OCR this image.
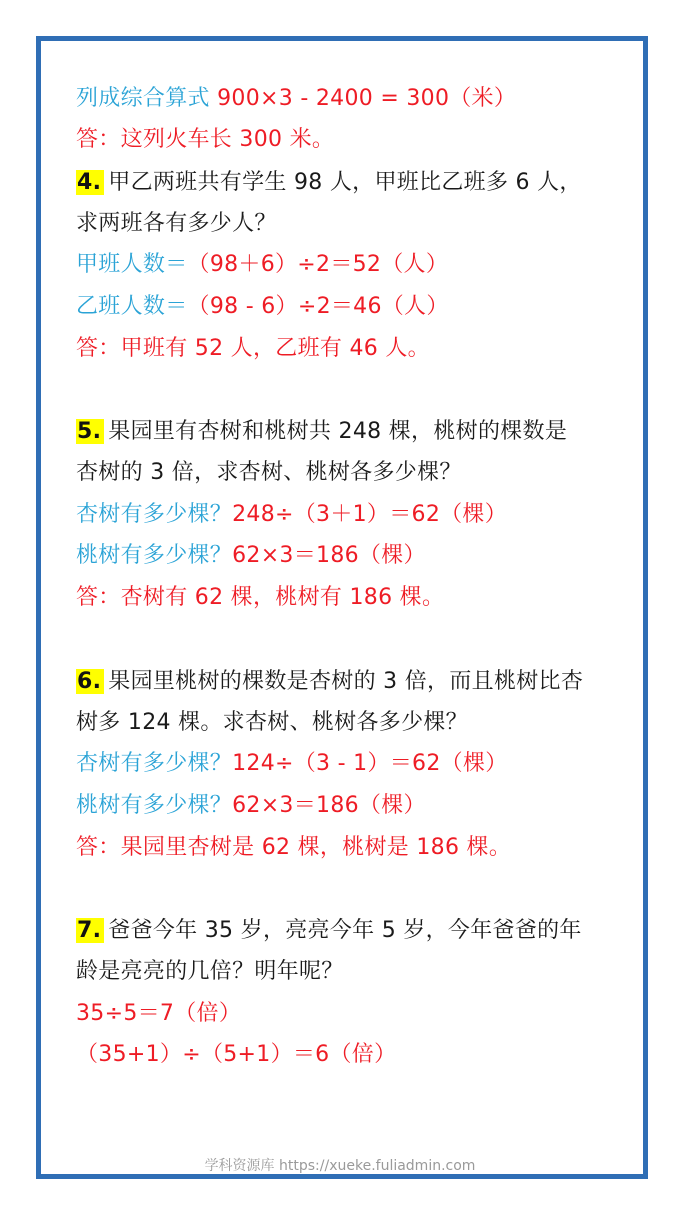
列成综合算式 900×3 - 2400 = 300（米）
答：这列火车长 300 米。
4. 甲乙两班共有学生 98 人，甲班比乙班多 6 人，
求两班各有多少人？
甲班人数＝（98＋6）÷2＝52（人）
乙班人数＝（98 - 6）÷2＝46（人）
答：甲班有 52 人，乙班有 46 人。
5. 果园里有杏树和桃树共 248 棵，桃树的棵数是
杏树的 3 倍，求杏树、桃树各多少棵？
杏树有多少棵？248÷（3＋1）＝62（棵）
桃树有多少棵？62×3＝186（棵）
答：杏树有 62 棵，桃树有 186 棵。
6. 果园里桃树的棵数是杏树的 3 倍，而且桃树比杏
树多 124 棵。求杏树、桃树各多少棵？
杏树有多少棵？124÷（3 - 1）＝62（棵）
桃树有多少棵？62×3＝186（棵）
答：果园里杏树是 62 棵，桃树是 186 棵。
7. 爸爸今年 35 岁，亮亮今年 5 岁，今年爸爸的年
龄是亮亮的几倍？明年呢？
35÷5＝7（倍）
（35+1）÷（5+1）＝6（倍）
学科资源库 https://xueke.fuliadmin.com
